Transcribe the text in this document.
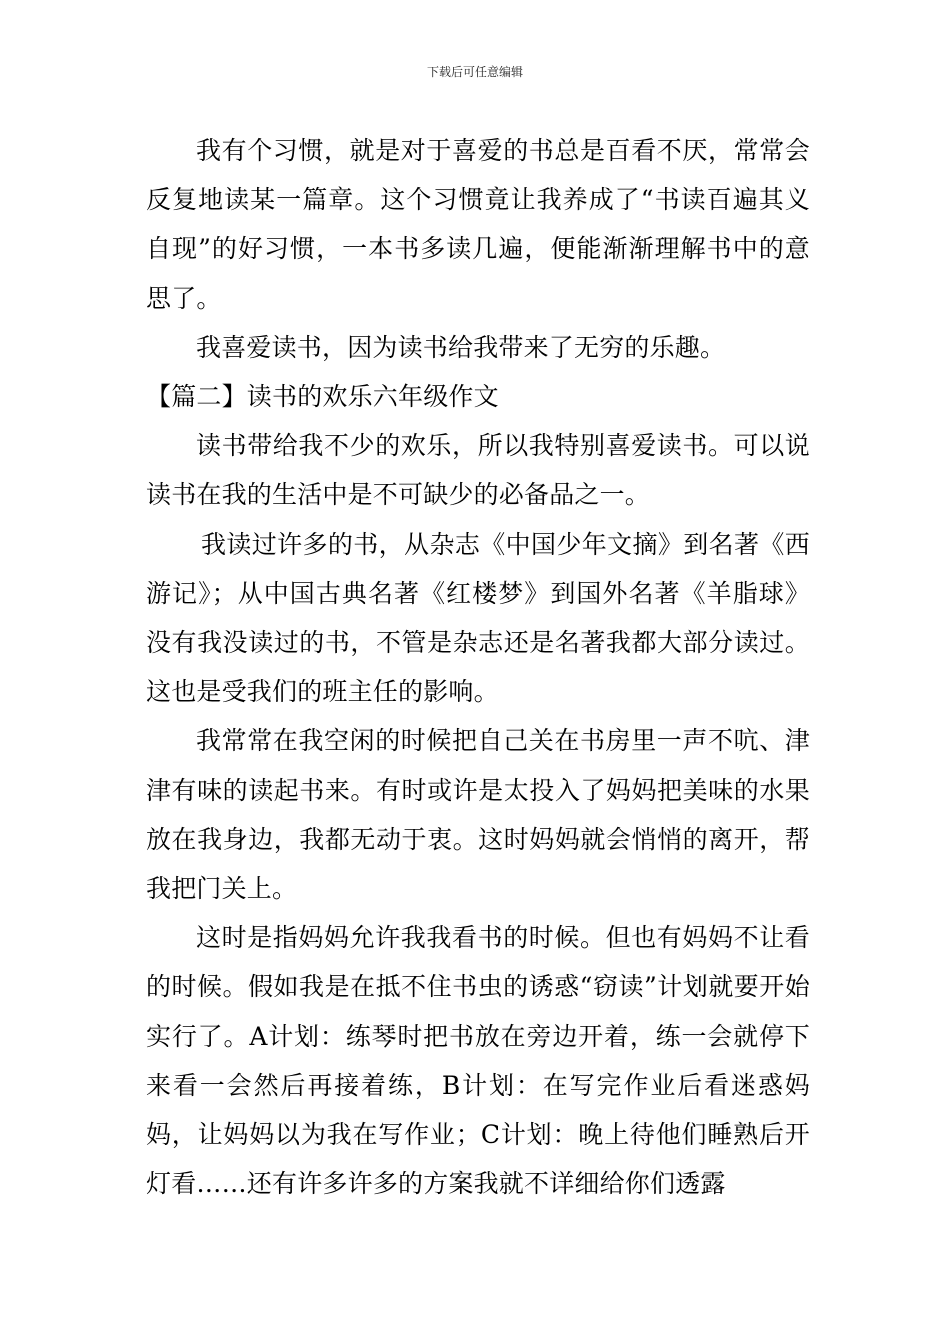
下载后可任意编辑

我有个习惯，就是对于喜爱的书总是百看不厌，常常会反复地读某一篇章。这个习惯竟让我养成了“书读百遍其义自现”的好习惯，一本书多读几遍，便能渐渐理解书中的意思了。

我喜爱读书，因为读书给我带来了无穷的乐趣。

【篇二】读书的欢乐六年级作文

读书带给我不少的欢乐，所以我特别喜爱读书。可以说读书在我的生活中是不可缺少的必备品之一。

我读过许多的书，从杂志《中国少年文摘》到名著《西游记》；从中国古典名著《红楼梦》到国外名著《羊脂球》没有我没读过的书，不管是杂志还是名著我都大部分读过。这也是受我们的班主任的影响。

我常常在我空闲的时候把自己关在书房里一声不吭、津津有味的读起书来。有时或许是太投入了妈妈把美味的水果放在我身边，我都无动于衷。这时妈妈就会悄悄的离开，帮我把门关上。

这时是指妈妈允许我我看书的时候。但也有妈妈不让看的时候。假如我是在抵不住书虫的诱惑“窃读”计划就要开始实行了。A计划：练琴时把书放在旁边开着，练一会就停下来看一会然后再接着练，B计划：在写完作业后看迷惑妈妈，让妈妈以为我在写作业；C计划：晚上待他们睡熟后开灯看……还有许多许多的方案我就不详细给你们透露
